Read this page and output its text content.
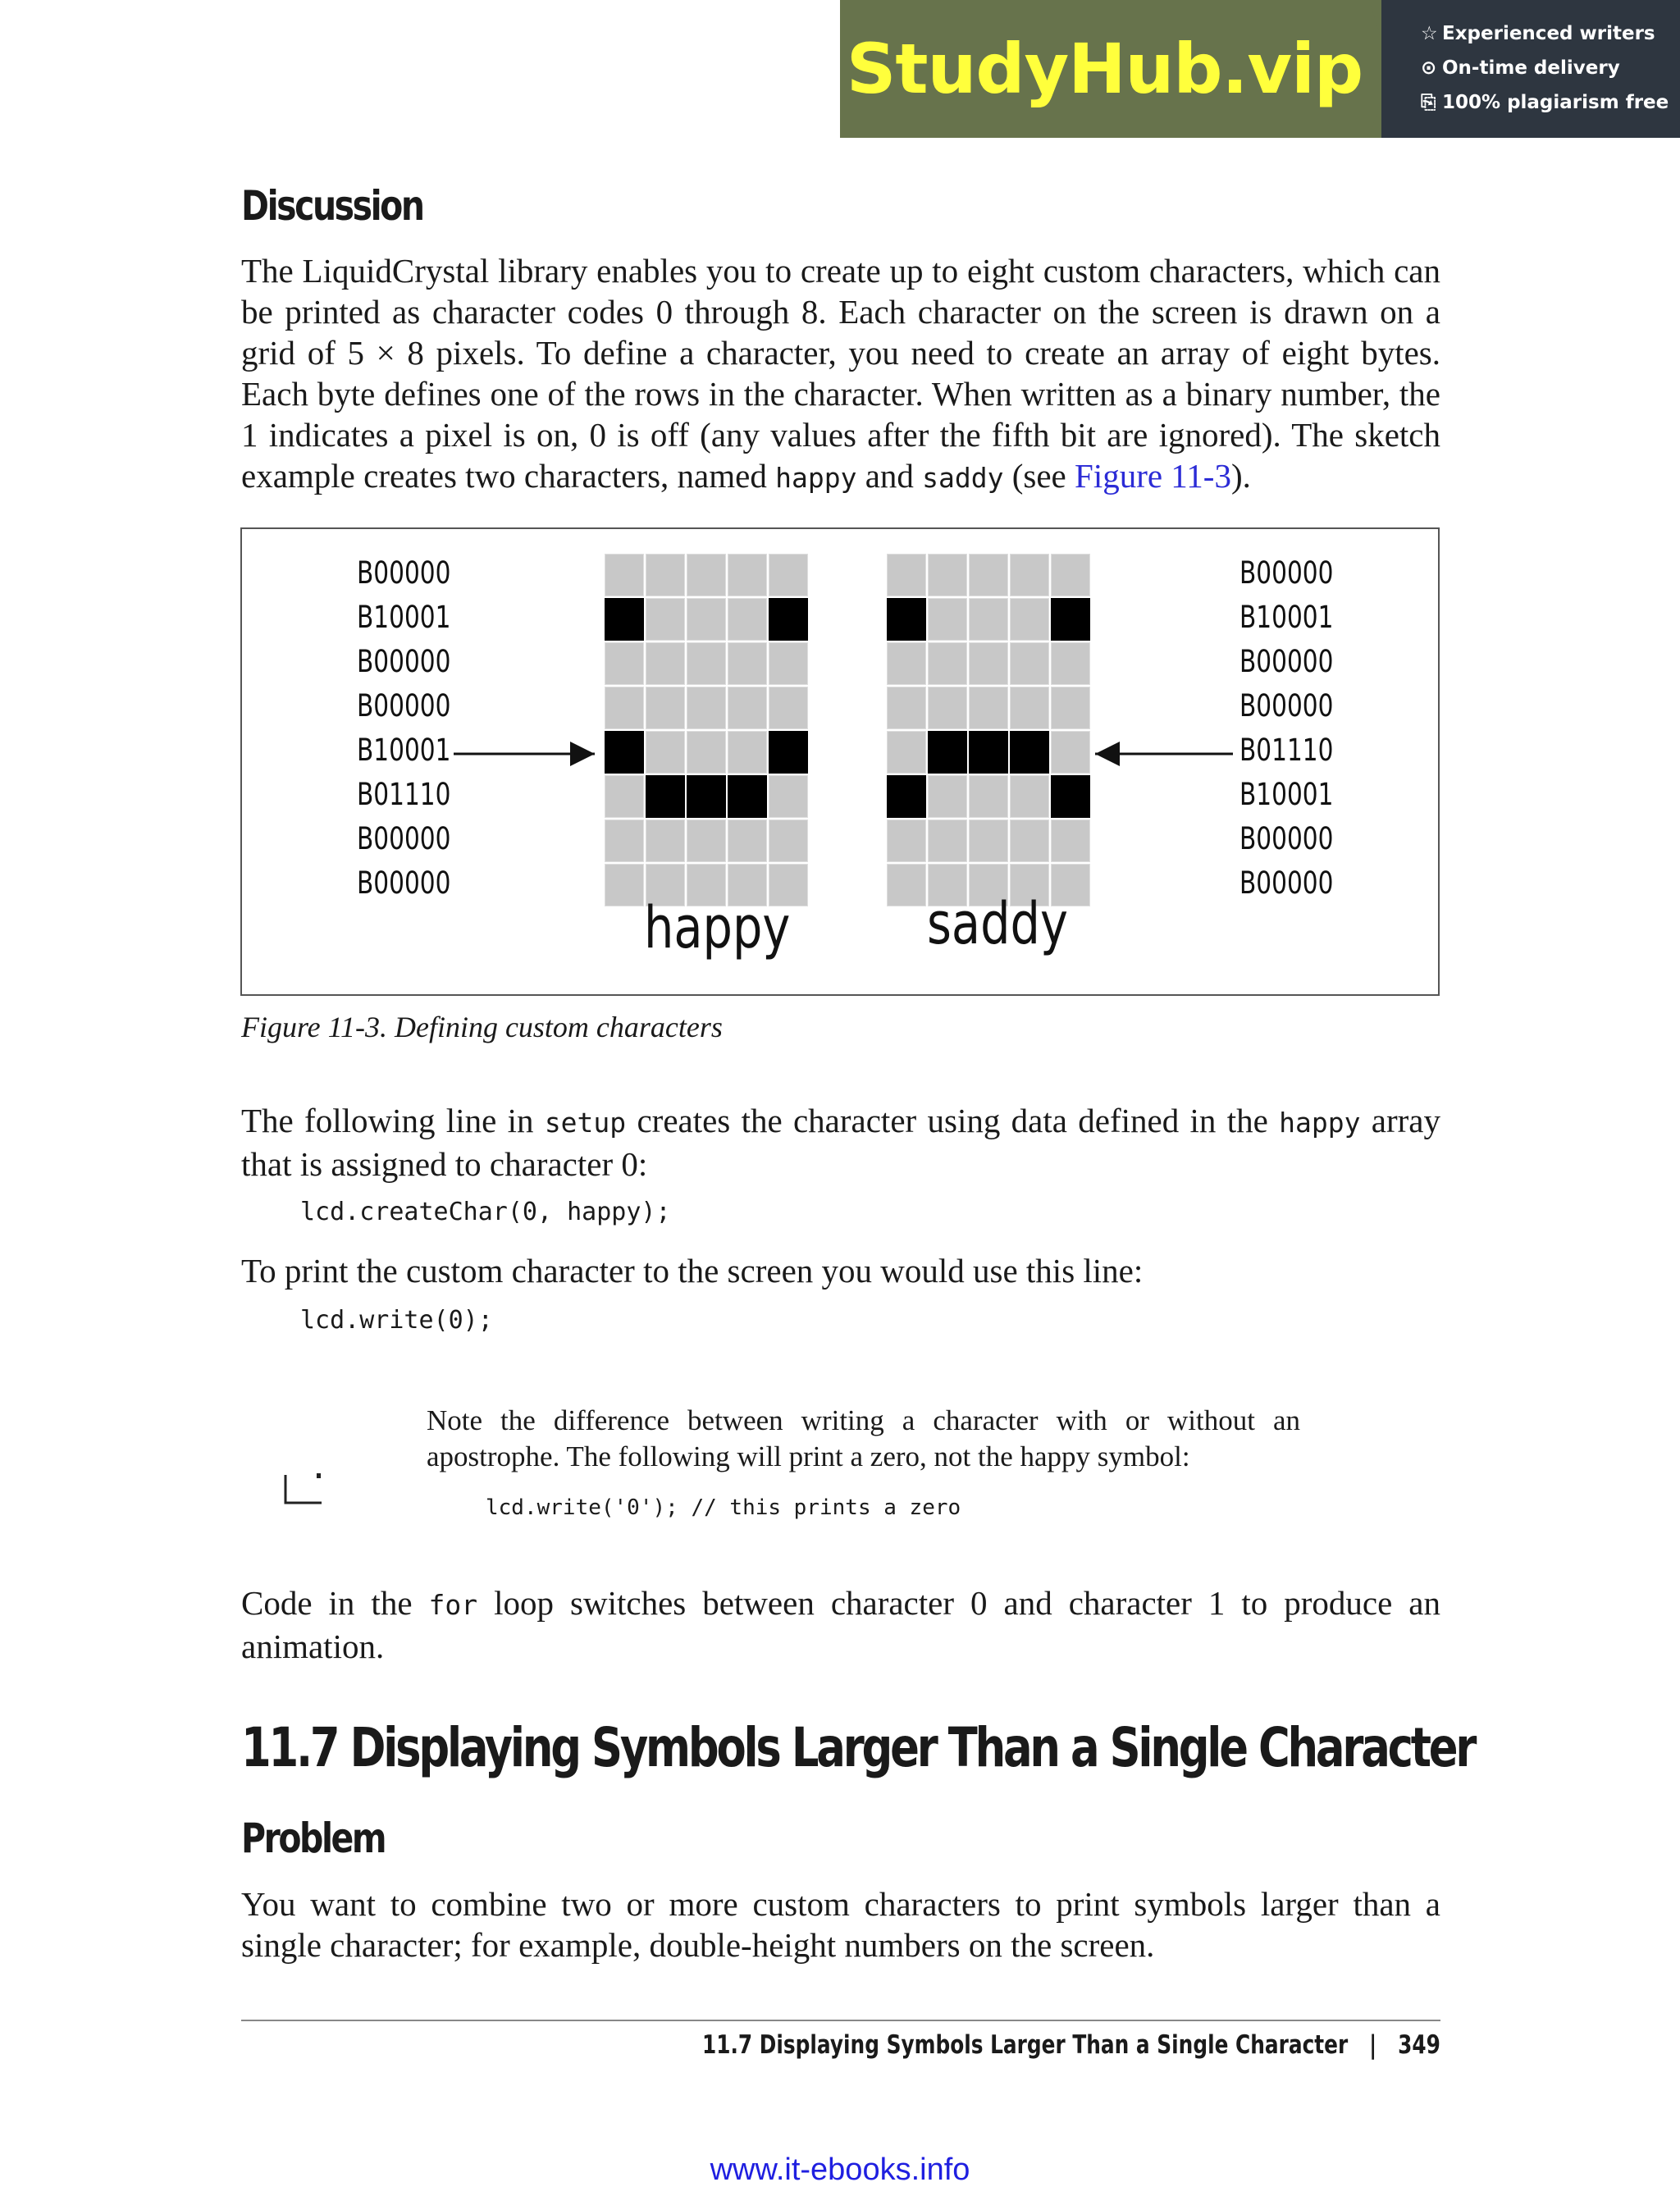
StudyHub.vip	☆ Experienced writers
⊙ On-time delivery
⎘ 100% plagiarism free
Discussion
The LiquidCrystal library enables you to create up to eight custom characters, which can be printed as character codes 0 through 8. Each character on the screen is drawn on a grid of 5 × 8 pixels. To define a character, you need to create an array of eight bytes. Each byte defines one of the rows in the character. When written as a binary number, the 1 indicates a pixel is on, 0 is off (any values after the fifth bit are ignored). The sketch example creates two characters, named happy and saddy (see Figure 11-3).
B00000
B10001
B00000
B00000
B10001
B01110
B00000
B00000
B00000
B10001
B00000
B00000
B01110
B10001
B00000
B00000
happy saddy
Figure 11-3. Defining custom characters
The following line in setup creates the character using data defined in the happy array that is assigned to character 0:
lcd.createChar(0, happy);
To print the custom character to the screen you would use this line:
lcd.write(0);
Note the difference between writing a character with or without an apostrophe. The following will print a zero, not the happy symbol:
lcd.write('0'); // this prints a zero
Code in the for loop switches between character 0 and character 1 to produce an animation.
11.7 Displaying Symbols Larger Than a Single Character
Problem
You want to combine two or more custom characters to print symbols larger than a single character; for example, double-height numbers on the screen.
11.7 Displaying Symbols Larger Than a Single Character | 349
www.it-ebooks.info
